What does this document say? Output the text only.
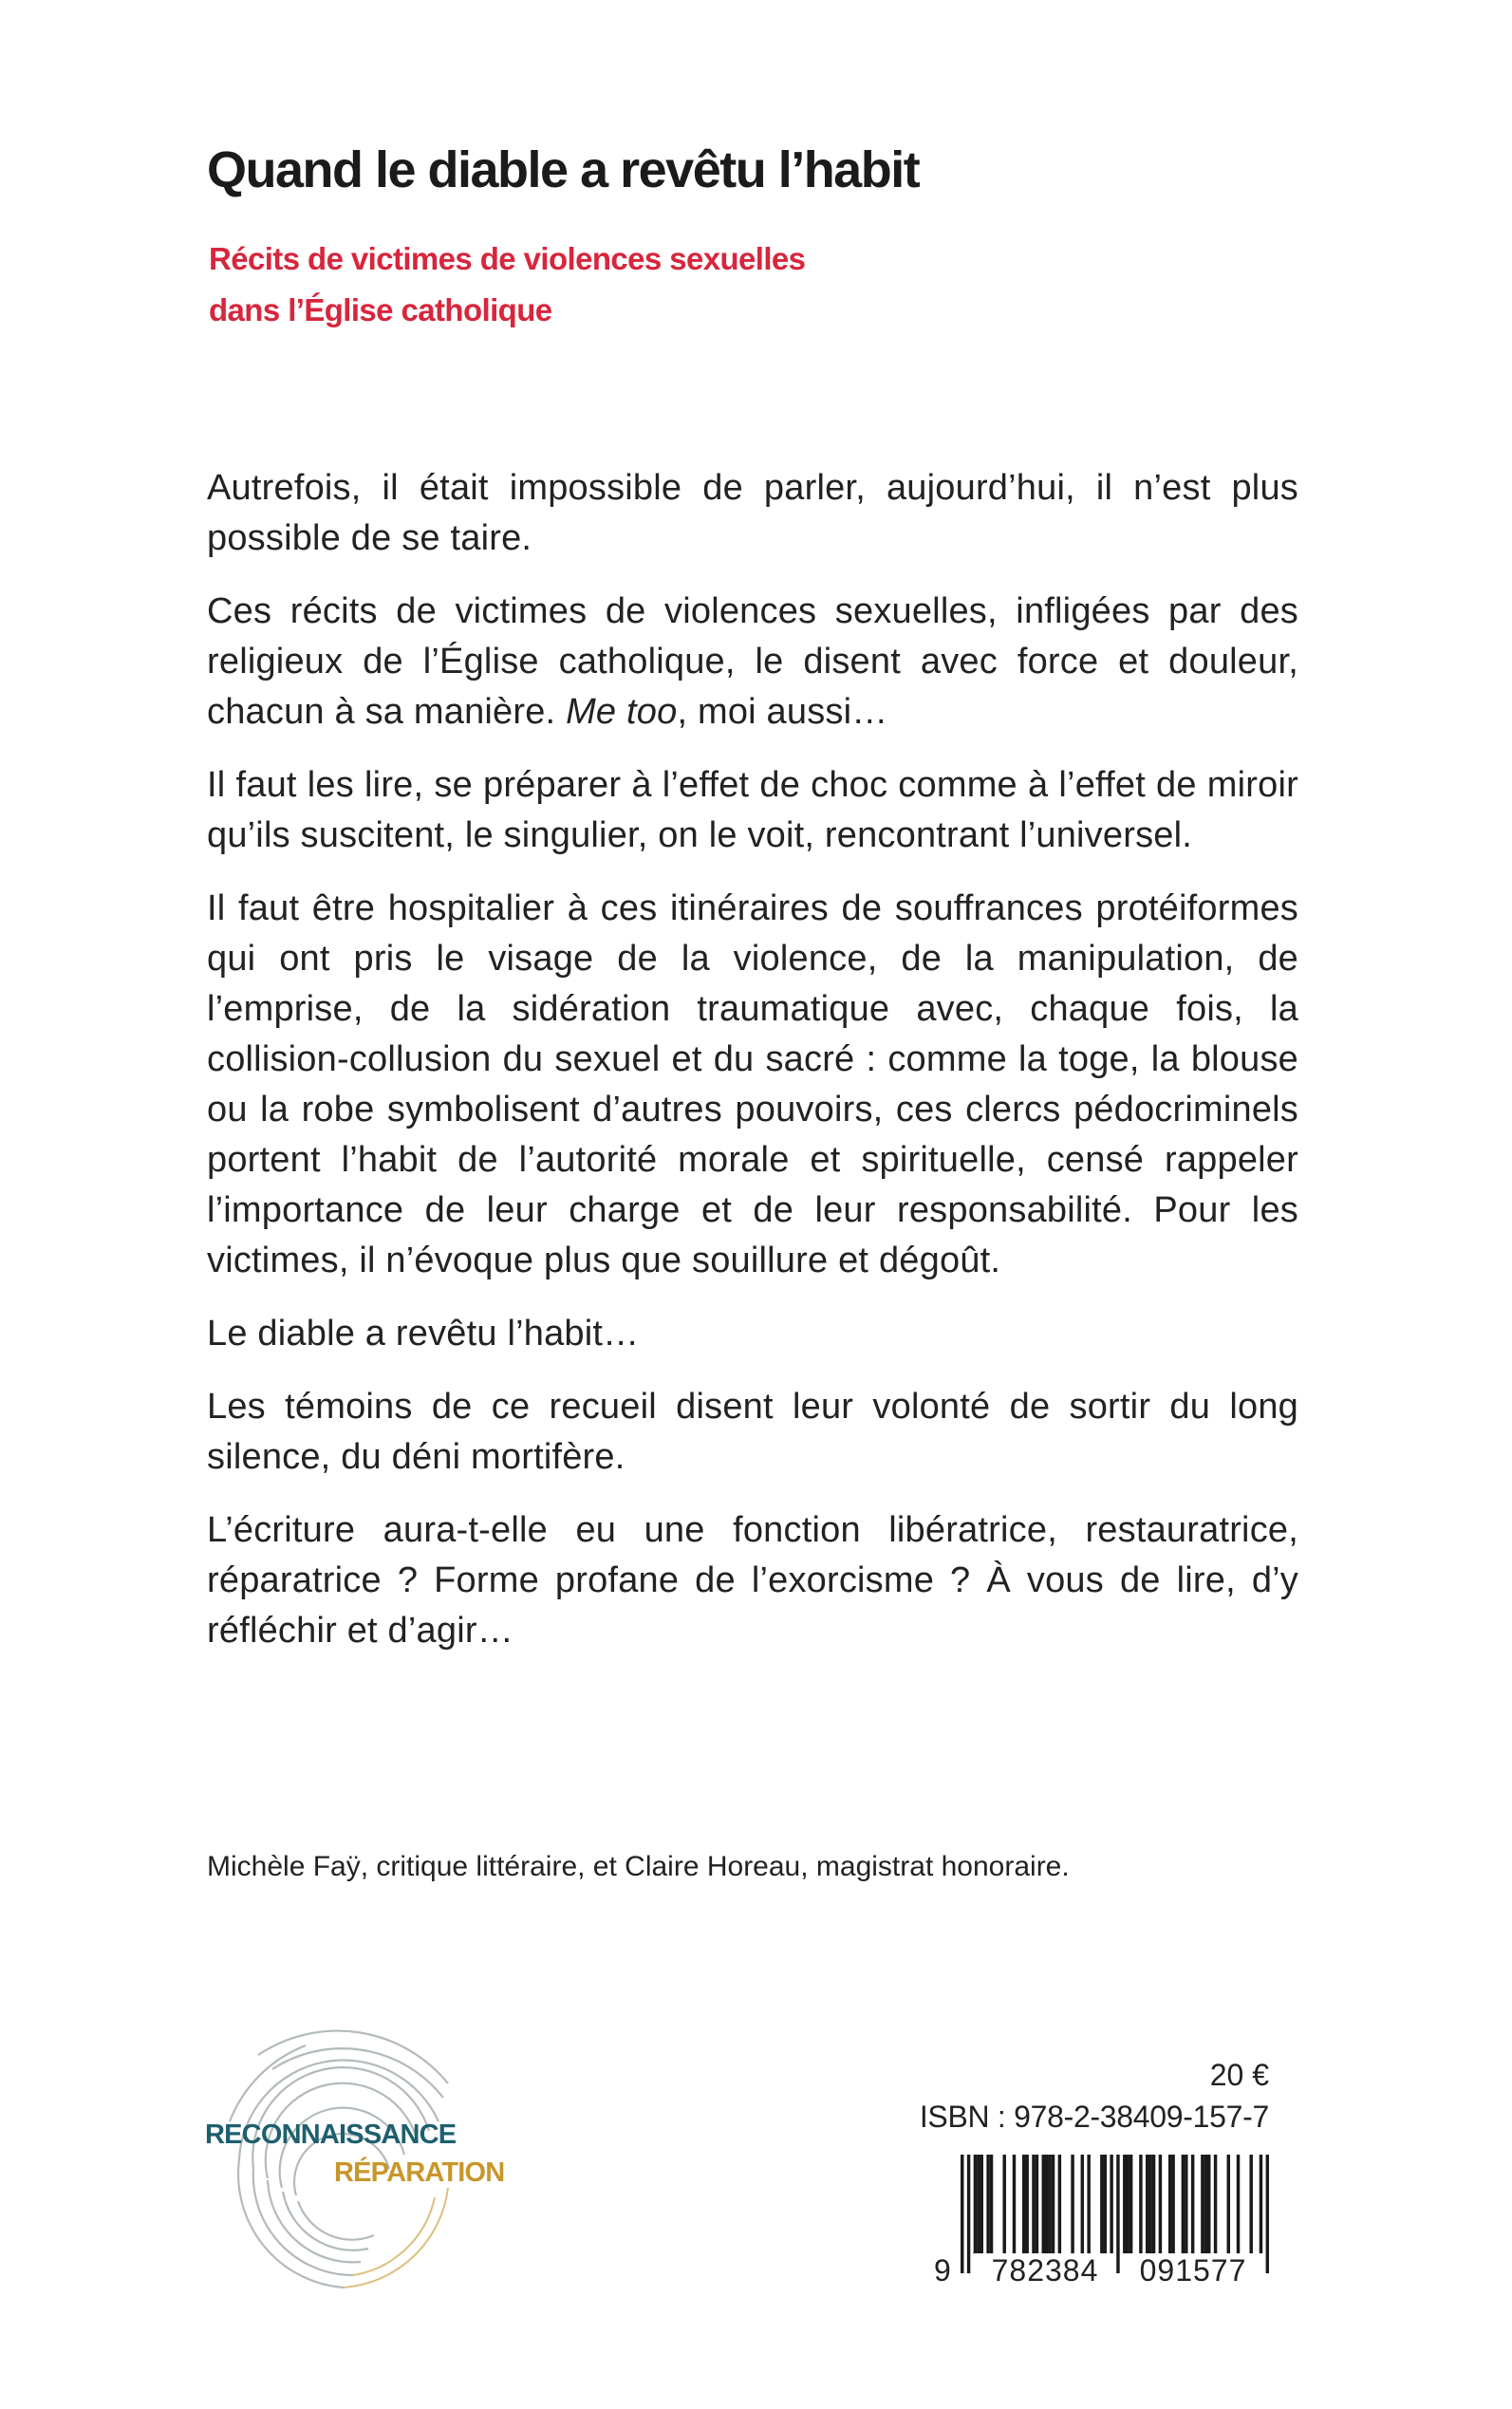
Quand le diable a revêtu l’habit
Récits de victimes de violences sexuelles
dans l’Église catholique

Autrefois, il était impossible de parler, aujourd’hui, il n’est plus possible de se taire.

Ces récits de victimes de violences sexuelles, infligées par des religieux de l’Église catholique, le disent avec force et douleur, chacun à sa manière. Me too, moi aussi…

Il faut les lire, se préparer à l’effet de choc comme à l’effet de miroir qu’ils suscitent, le singulier, on le voit, rencontrant l’universel.

Il faut être hospitalier à ces itinéraires de souffrances protéiformes qui ont pris le visage de la violence, de la manipulation, de l’emprise, de la sidération traumatique avec, chaque fois, la collision-collusion du sexuel et du sacré : comme la toge, la blouse ou la robe symbolisent d’autres pouvoirs, ces clercs pédocriminels portent l’habit de l’autorité morale et spirituelle, censé rappeler l’importance de leur charge et de leur responsabilité. Pour les victimes, il n’évoque plus que souillure et dégoût.

Le diable a revêtu l’habit…

Les témoins de ce recueil disent leur volonté de sortir du long silence, du déni mortifère.

L’écriture aura-t-elle eu une fonction libératrice, restauratrice, réparatrice ? Forme profane de l’exorcisme ? À vous de lire, d’y réfléchir et d’agir…

Michèle Faÿ, critique littéraire, et Claire Horeau, magistrat honoraire.
RECONNAISSANCE
RÉPARATION
20 €
ISBN : 978-2-38409-157-7
9	782384	091577
